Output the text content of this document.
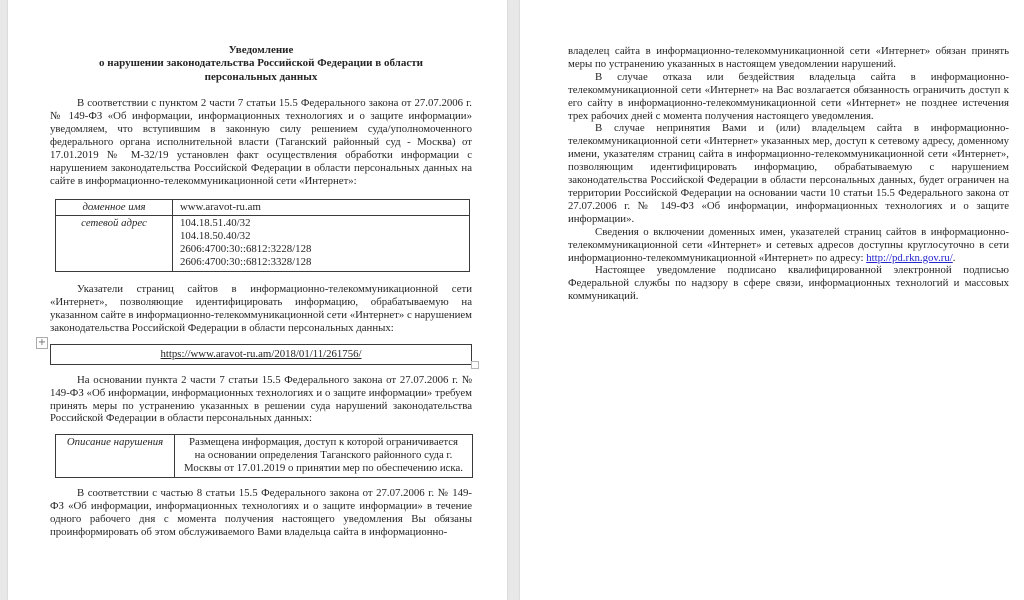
Уведомление
о нарушении законодательства Российской Федерации в области
персональных данных

В соответствии с пунктом 2 части 7 статьи 15.5 Федерального закона от 27.07.2006 г. № 149-ФЗ «Об информации, информационных технологиях и о защите информации» уведомляем, что вступившим в законную силу решением суда/уполномоченного федерального органа исполнительной власти (Таганский районный суд - Москва) от 17.01.2019 № М-32/19 установлен факт осуществления обработки информации с нарушением законодательства Российской Федерации в области персональных данных на сайте в информационно-телекоммуникационной сети «Интернет»:

доменное имя	www.aravot-ru.am

сетевой адрес	104.18.51.40/32
104.18.50.40/32
2606:4700:30::6812:3228/128
2606:4700:30::6812:3328/128

Указатели страниц сайтов в информационно-телекоммуникационной сети «Интернет», позволяющие идентифицировать информацию, обрабатываемую на указанном сайте в информационно-телекоммуникационной сети «Интернет» с нарушением законодательства Российской Федерации в области персональных данных:

+
https://www.aravot-ru.am/2018/01/11/261756/

На основании пункта 2 части 7 статьи 15.5 Федерального закона от 27.07.2006 г. № 149-ФЗ «Об информации, информационных технологиях и о защите информации» требуем принять меры по устранению указанных в решении суда нарушений законодательства Российской Федерации в области персональных данных:

Описание нарушения	Размещена информация, доступ к которой ограничивается на основании определения Таганского районного суда г. Москвы от 17.01.2019 о принятии мер по обеспечению иска.

В соответствии с частью 8 статьи 15.5 Федерального закона от 27.07.2006 г. № 149-ФЗ «Об информации, информационных технологиях и о защите информации» в течение одного рабочего дня с момента получения настоящего уведомления Вы обязаны проинформировать об этом обслуживаемого Вами владельца сайта в информационно-

владелец сайта в информационно-телекоммуникационной сети «Интернет» обязан принять меры по устранению указанных в настоящем уведомлении нарушений.

В случае отказа или бездействия владельца сайта в информационно-телекоммуникационной сети «Интернет» на Вас возлагается обязанность ограничить доступ к его сайту в информационно-телекоммуникационной сети «Интернет» не позднее истечения трех рабочих дней с момента получения настоящего уведомления.

В случае непринятия Вами и (или) владельцем сайта в информационно-телекоммуникационной сети «Интернет» указанных мер, доступ к сетевому адресу, доменному имени, указателям страниц сайта в информационно-телекоммуникационной сети «Интернет», позволяющим идентифицировать информацию, обрабатываемую с нарушением законодательства Российской Федерации в области персональных данных, будет ограничен на территории Российской Федерации на основании части 10 статьи 15.5 Федерального закона от 27.07.2006 г. № 149-ФЗ «Об информации, информационных технологиях и о защите информации».

Сведения о включении доменных имен, указателей страниц сайтов в информационно-телекоммуникационной сети «Интернет» и сетевых адресов доступны круглосуточно в сети информационно-телекоммуникационной «Интернет» по адресу: http://pd.rkn.gov.ru/.

Настоящее уведомление подписано квалифицированной электронной подписью Федеральной службы по надзору в сфере связи, информационных технологий и массовых коммуникаций.
